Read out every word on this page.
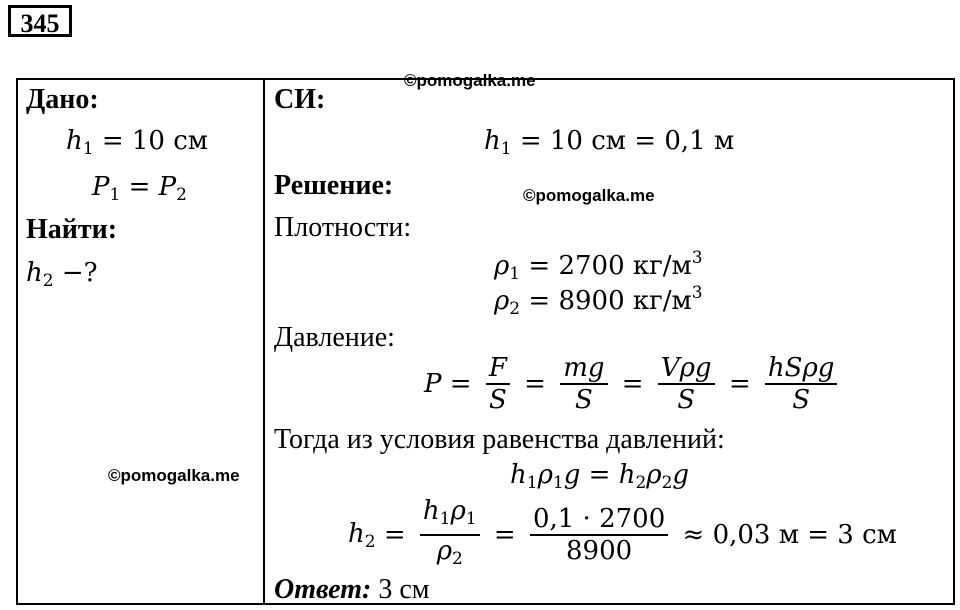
345
©pomogalka.me
©pomogalka.me
©pomogalka.me
Дано:
$h_1 = 10$ см
$P_1 = P_2$
Найти:
$h_2$ −?
СИ:
$h_1 = 10$ см = 0,1 м
Решение:
Плотности:
$\rho_1 = 2700$ $кг/м^3$
$\rho_2 = 8900$ $кг/м^3$
Давление:
$P = \frac{F}{S} = \frac{mg}{S} = \frac{\text{Vρg}}{S} = \frac{\text{hSρg}}{S}$
Тогда из условия равенства давлений:
$h_1\rho_1g = h_2\rho_2g$
$h_2 = \frac{h_1\rho_1}{\rho_2} = \frac{0,1 \cdot 2700}{8900} \approx 0,03$ м = 3 см
Ответ: 3 см
